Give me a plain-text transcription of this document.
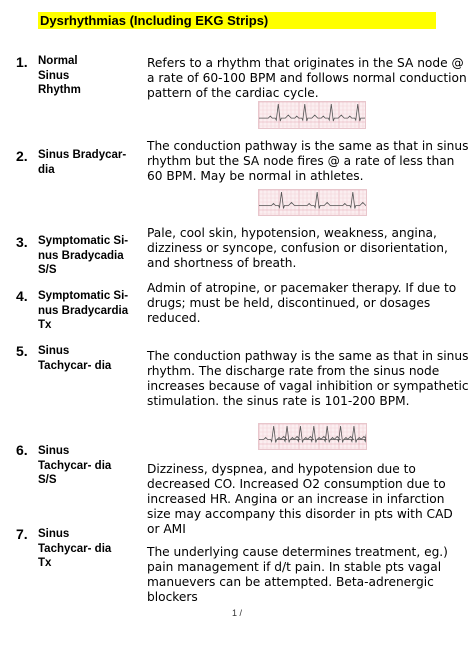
Dysrhythmias (Including EKG Strips)
1. Normal
Sinus
Rhythm
Refers to a rhythm that originates in the SA node @ a rate of 60-100 BPM and follows normal conduction pattern of the cardiac cycle.
2. Sinus Bradycar-
dia
The conduction pathway is the same as that in sinus rhythm but the SA node fires @ a rate of less than 60 BPM. May be normal in athletes.
3. Symptomatic Si-
nus Bradycadia
S/S
Pale, cool skin, hypotension, weakness, angina, dizziness or syncope, confusion or disorientation, and shortness of breath.
4. Symptomatic Si-
nus Bradycardia
Tx
Admin of atropine, or pacemaker therapy. If due to drugs; must be held, discontinued, or dosages reduced.
5. Sinus
Tachycar- dia
The conduction pathway is the same as that in sinus rhythm. The discharge rate from the sinus node increases because of vagal inhibition or sympathetic stimulation. the sinus rate is 101-200 BPM.
6. Sinus
Tachycar- dia
S/S
Dizziness, dyspnea, and hypotension due to decreased CO. Increased O2 consumption due to increased HR. Angina or an increase in infarction size may accompany this disorder in pts with CAD or AMI
7. Sinus
Tachycar- dia
Tx
The underlying cause determines treatment, eg.) pain management if d/t pain. In stable pts vagal manuevers can be attempted. Beta-adrenergic blockers
1 /
